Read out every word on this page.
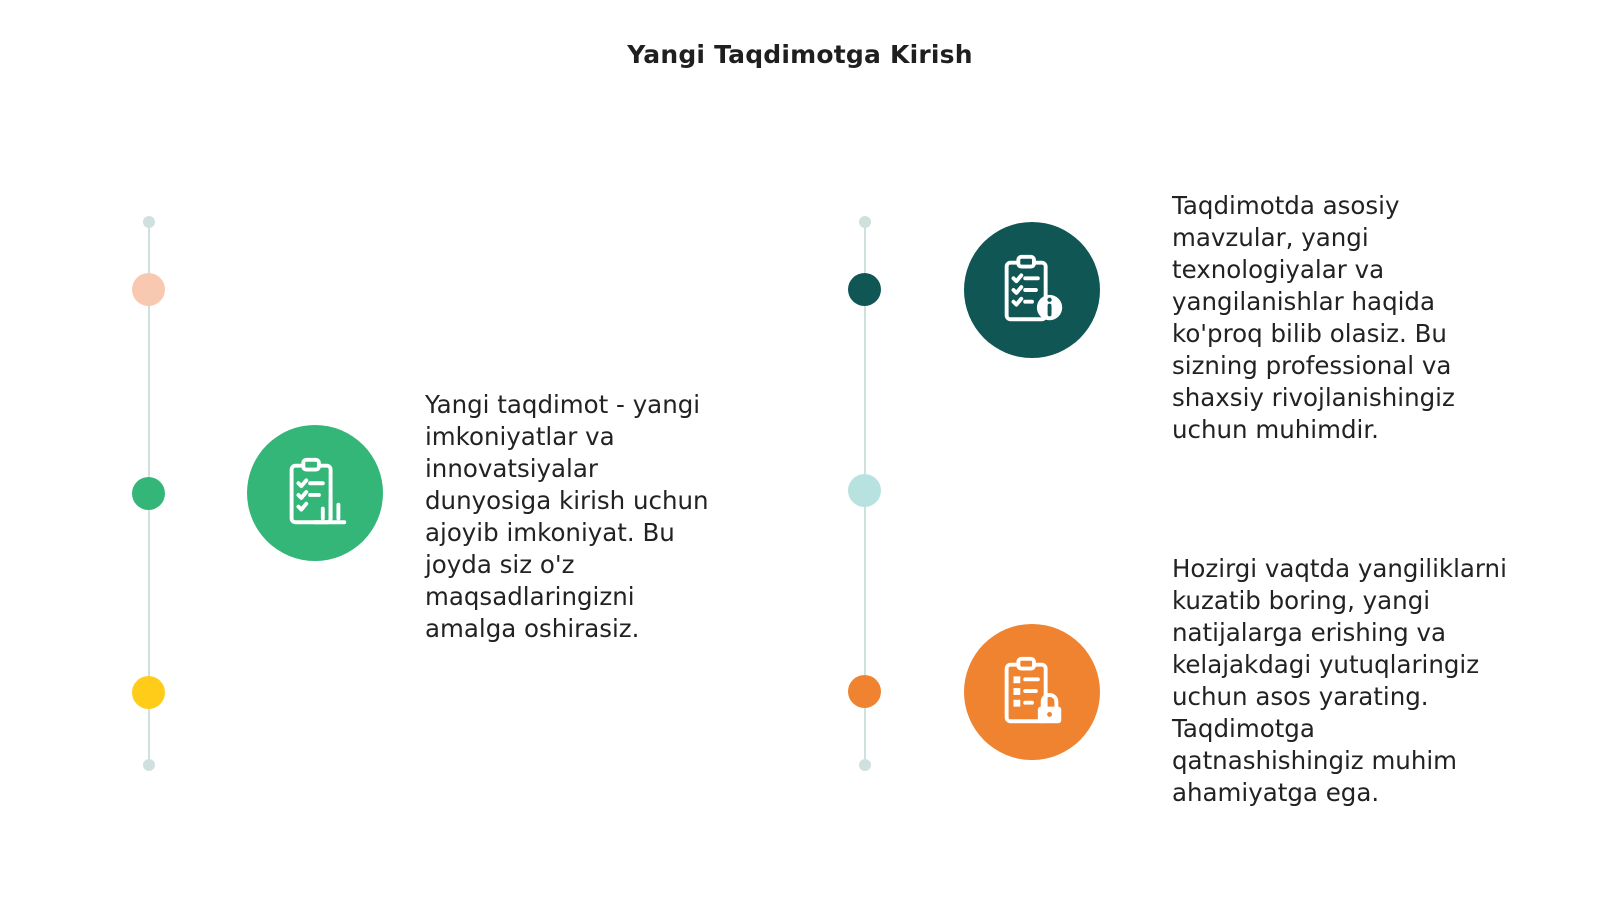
Yangi Taqdimotga Kirish
Yangi taqdimot - yangi
imkoniyatlar va
innovatsiyalar
dunyosiga kirish uchun
ajoyib imkoniyat. Bu
joyda siz o'z
maqsadlaringizni
amalga oshirasiz.
Taqdimotda asosiy
mavzular, yangi
texnologiyalar va
yangilanishlar haqida
ko'proq bilib olasiz. Bu
sizning professional va
shaxsiy rivojlanishingiz
uchun muhimdir.
Hozirgi vaqtda yangiliklarni
kuzatib boring, yangi
natijalarga erishing va
kelajakdagi yutuqlaringiz
uchun asos yarating.
Taqdimotga
qatnashishingiz muhim
ahamiyatga ega.
